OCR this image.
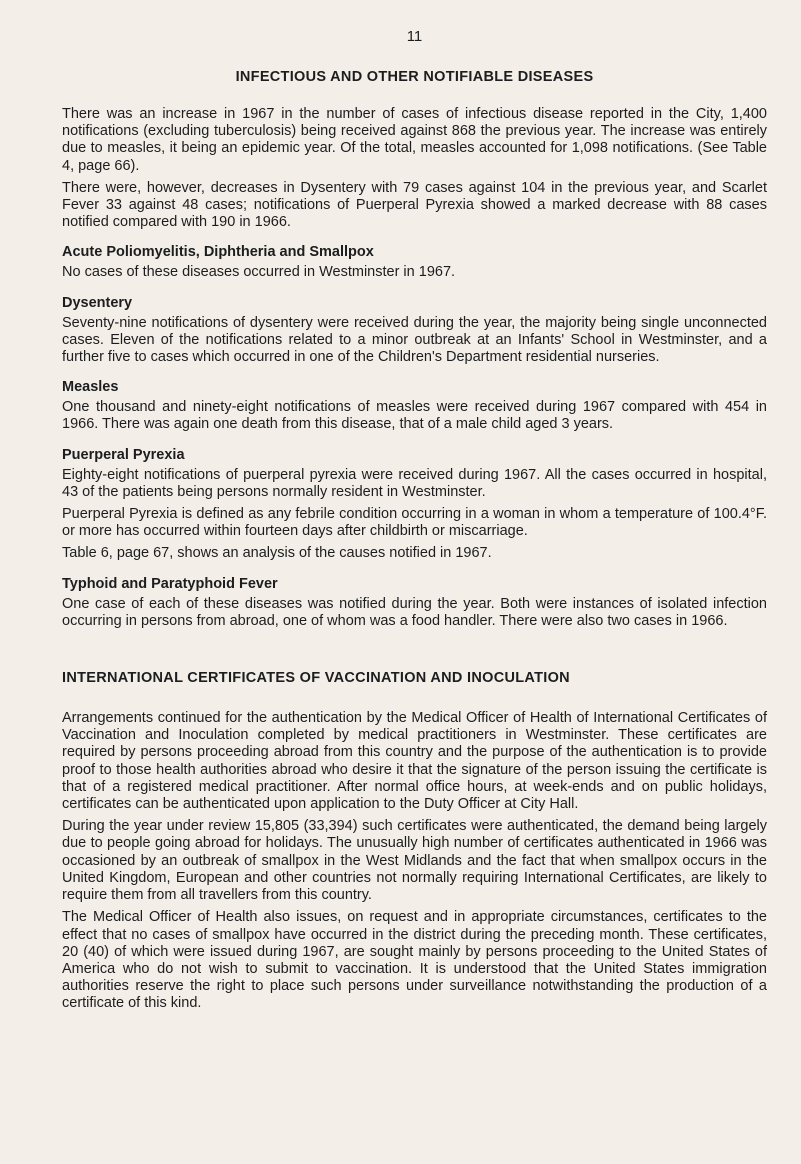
11
INFECTIOUS AND OTHER NOTIFIABLE DISEASES

There was an increase in 1967 in the number of cases of infectious disease reported in the City, 1,400 notifications (excluding tuberculosis) being received against 868 the previous year. The increase was entirely due to measles, it being an epidemic year. Of the total, measles accounted for 1,098 notifications. (See Table 4, page 66).

There were, however, decreases in Dysentery with 79 cases against 104 in the previous year, and Scarlet Fever 33 against 48 cases; notifications of Puerperal Pyrexia showed a marked decrease with 88 cases notified compared with 190 in 1966.

Acute Poliomyelitis, Diphtheria and Smallpox

No cases of these diseases occurred in Westminster in 1967.

Dysentery

Seventy-nine notifications of dysentery were received during the year, the majority being single unconnected cases. Eleven of the notifications related to a minor outbreak at an Infants' School in Westminster, and a further five to cases which occurred in one of the Children's Department residential nurseries.

Measles

One thousand and ninety-eight notifications of measles were received during 1967 compared with 454 in 1966. There was again one death from this disease, that of a male child aged 3 years.

Puerperal Pyrexia

Eighty-eight notifications of puerperal pyrexia were received during 1967. All the cases occurred in hospital, 43 of the patients being persons normally resident in Westminster.

Puerperal Pyrexia is defined as any febrile condition occurring in a woman in whom a temperature of 100.4°F. or more has occurred within fourteen days after childbirth or miscarriage.

Table 6, page 67, shows an analysis of the causes notified in 1967.

Typhoid and Paratyphoid Fever

One case of each of these diseases was notified during the year. Both were instances of isolated infection occurring in persons from abroad, one of whom was a food handler. There were also two cases in 1966.

INTERNATIONAL CERTIFICATES OF VACCINATION AND INOCULATION

Arrangements continued for the authentication by the Medical Officer of Health of International Certificates of Vaccination and Inoculation completed by medical practitioners in Westminster. These certificates are required by persons proceeding abroad from this country and the purpose of the authentication is to provide proof to those health authorities abroad who desire it that the signature of the person issuing the certificate is that of a registered medical practitioner. After normal office hours, at week-ends and on public holidays, certificates can be authenticated upon application to the Duty Officer at City Hall.

During the year under review 15,805 (33,394) such certificates were authenticated, the demand being largely due to people going abroad for holidays. The unusually high number of certificates authenticated in 1966 was occasioned by an outbreak of smallpox in the West Midlands and the fact that when smallpox occurs in the United Kingdom, European and other countries not normally requiring International Certificates, are likely to require them from all travellers from this country.

The Medical Officer of Health also issues, on request and in appropriate circumstances, certificates to the effect that no cases of smallpox have occurred in the district during the preceding month. These certificates, 20 (40) of which were issued during 1967, are sought mainly by persons proceeding to the United States of America who do not wish to submit to vaccination. It is understood that the United States immigration authorities reserve the right to place such persons under surveillance notwithstanding the production of a certificate of this kind.
